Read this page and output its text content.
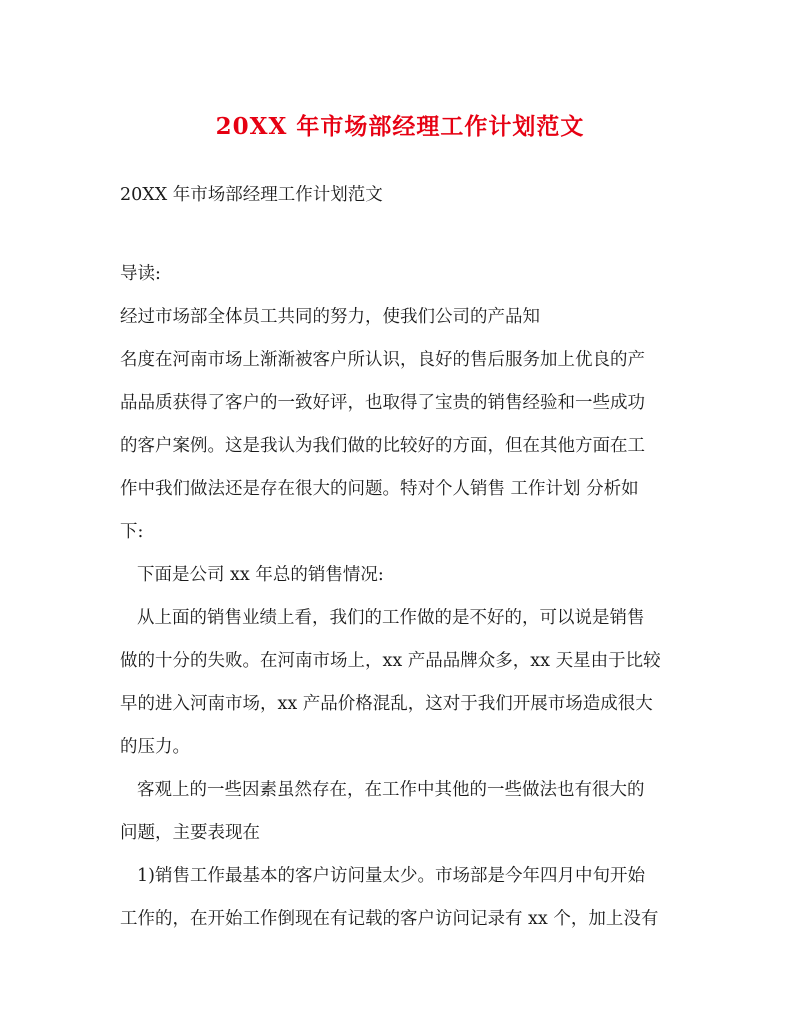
20XX 年市场部经理工作计划范文
20XX 年市场部经理工作计划范文
导读:
经过市场部全体员工共同的努力，使我们公司的产品知
名度在河南市场上渐渐被客户所认识，良好的售后服务加上优良的产
品品质获得了客户的一致好评，也取得了宝贵的销售经验和一些成功
的客户案例。这是我认为我们做的比较好的方面，但在其他方面在工
作中我们做法还是存在很大的问题。特对个人销售 工作计划 分析如
下:
下面是公司 xx 年总的销售情况:
从上面的销售业绩上看，我们的工作做的是不好的，可以说是销售
做的十分的失败。在河南市场上，xx 产品品牌众多，xx 天星由于比较
早的进入河南市场，xx 产品价格混乱，这对于我们开展市场造成很大
的压力。
客观上的一些因素虽然存在，在工作中其他的一些做法也有很大的
问题，主要表现在
1)销售工作最基本的客户访问量太少。市场部是今年四月中旬开始
工作的，在开始工作倒现在有记载的客户访问记录有 xx 个，加上没有
